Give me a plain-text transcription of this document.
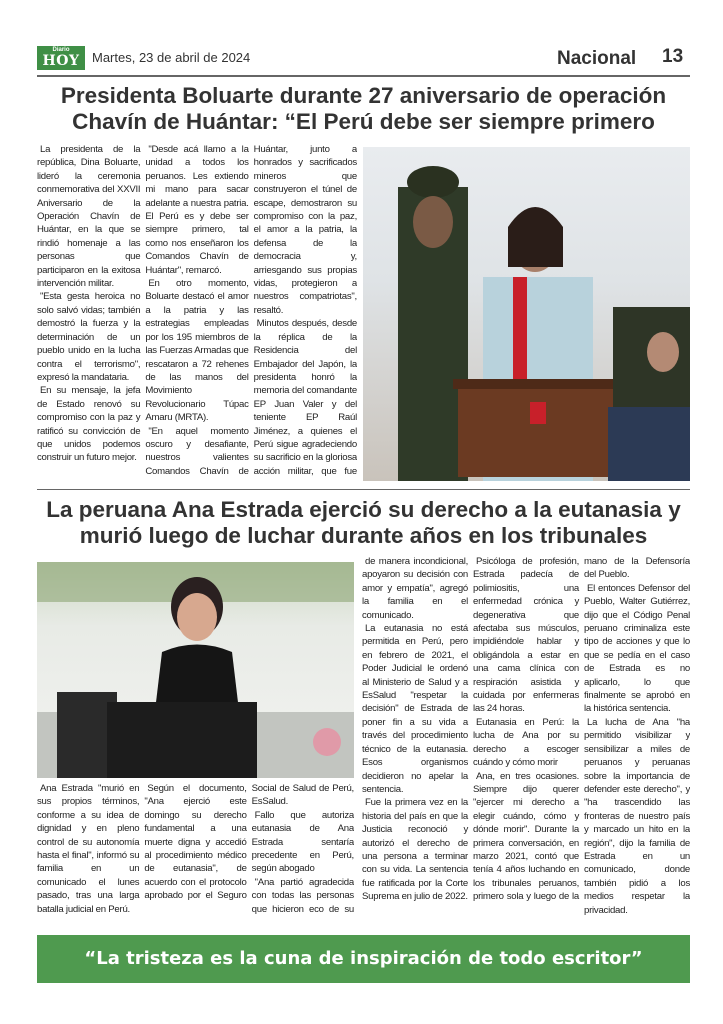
Diario
HOY Martes, 23 de abril de 2024	Nacional 13
Presidenta Boluarte durante 27 aniversario de operación Chavín de Huántar: “El Perú debe ser siempre primero

La presidenta de la república, Dina Boluarte, lideró la ceremonia conmemorativa del XXVII Aniversario de la Operación Chavín de Huántar, en la que se rindió homenaje a las personas que participaron en la exitosa intervención militar.

"Esta gesta heroica no solo salvó vidas; también demostró la fuerza y la determinación de un pueblo unido en la lucha contra el terrorismo", expresó la mandataria.

En su mensaje, la jefa de Estado renovó su compromiso con la paz y ratificó su convicción de que unidos podemos construir un futuro mejor.

"Desde acá llamo a la unidad a todos los peruanos. Les extiendo mi mano para sacar adelante a nuestra patria. El Perú es y debe ser siempre primero, tal como nos enseñaron los Comandos Chavín de Huántar", remarcó.

En otro momento, Boluarte destacó el amor a la patria y las estrategias empleadas por los 195 miembros de las Fuerzas Armadas que rescataron a 72 rehenes de las manos del Movimiento Revolucionario Túpac Amaru (MRTA).

"En aquel momento oscuro y desafiante, nuestros valientes Comandos Chavín de Huántar, junto a honrados y sacrificados mineros que construyeron el túnel de escape, demostraron su compromiso con la paz, el amor a la patria, la defensa de la democracia y, arriesgando sus propias vidas, protegieron a nuestros compatriotas", resaltó.

Minutos después, desde la réplica de la Residencia del Embajador del Japón, la presidenta honró la memoria del comandante EP Juan Valer y del teniente EP Raúl Jiménez, a quienes el Perú sigue agradeciendo su sacrificio en la gloriosa acción militar, que fue

La peruana Ana Estrada ejerció su derecho a la eutanasia y murió luego de luchar durante años en los tribunales

Ana Estrada "murió en sus propios términos, conforme a su idea de dignidad y en pleno control de su autonomía hasta el final", informó su familia en un comunicado el lunes pasado, tras una larga batalla judicial en Perú.

Según el documento, "Ana ejerció este domingo su derecho fundamental a una muerte digna y accedió al procedimiento médico de eutanasia", de acuerdo con el protocolo aprobado por el Seguro Social de Salud de Perú, EsSalud.

Fallo que autoriza eutanasia de Ana Estrada sentaría precedente en Perú, según abogado

"Ana partió agradecida con todas las personas que hicieron eco de su

de manera incondicional, apoyaron su decisión con amor y empatía", agregó la familia en el comunicado.

La eutanasia no está permitida en Perú, pero en febrero de 2021, el Poder Judicial le ordenó al Ministerio de Salud y a EsSalud "respetar la decisión" de Estrada de poner fin a su vida a través del procedimiento técnico de la eutanasia. Esos organismos decidieron no apelar la sentencia.

Fue la primera vez en la historia del país en que la Justicia reconoció y autorizó el derecho de una persona a terminar con su vida. La sentencia fue ratificada por la Corte Suprema en julio de 2022.

Psicóloga de profesión, Estrada padecía de polimiositis, una enfermedad crónica y degenerativa que afectaba sus músculos, impidiéndole hablar y obligándola a estar en una cama clínica con respiración asistida y cuidada por enfermeras las 24 horas.

Eutanasia en Perú: la lucha de Ana por su derecho a escoger cuándo y cómo morir

Ana, en tres ocasiones. Siempre dijo querer "ejercer mi derecho a elegir cuándo, cómo y dónde morir". Durante la primera conversación, en marzo 2021, contó que tenía 4 años luchando en los tribunales peruanos, primero sola y luego de la mano de la Defensoría del Pueblo.

El entonces Defensor del Pueblo, Walter Gutiérrez, dijo que el Código Penal peruano criminaliza este tipo de acciones y que lo que se pedía en el caso de Estrada es no aplicarlo, lo que finalmente se aprobó en la histórica sentencia.

La lucha de Ana "ha permitido visibilizar y sensibilizar a miles de peruanos y peruanas sobre la importancia de defender este derecho", y "ha trascendido las fronteras de nuestro país y marcado un hito en la región", dijo la familia de Estrada en un comunicado, donde también pidió a los medios respetar la privacidad.

“La tristeza es la cuna de inspiración de todo escritor”
